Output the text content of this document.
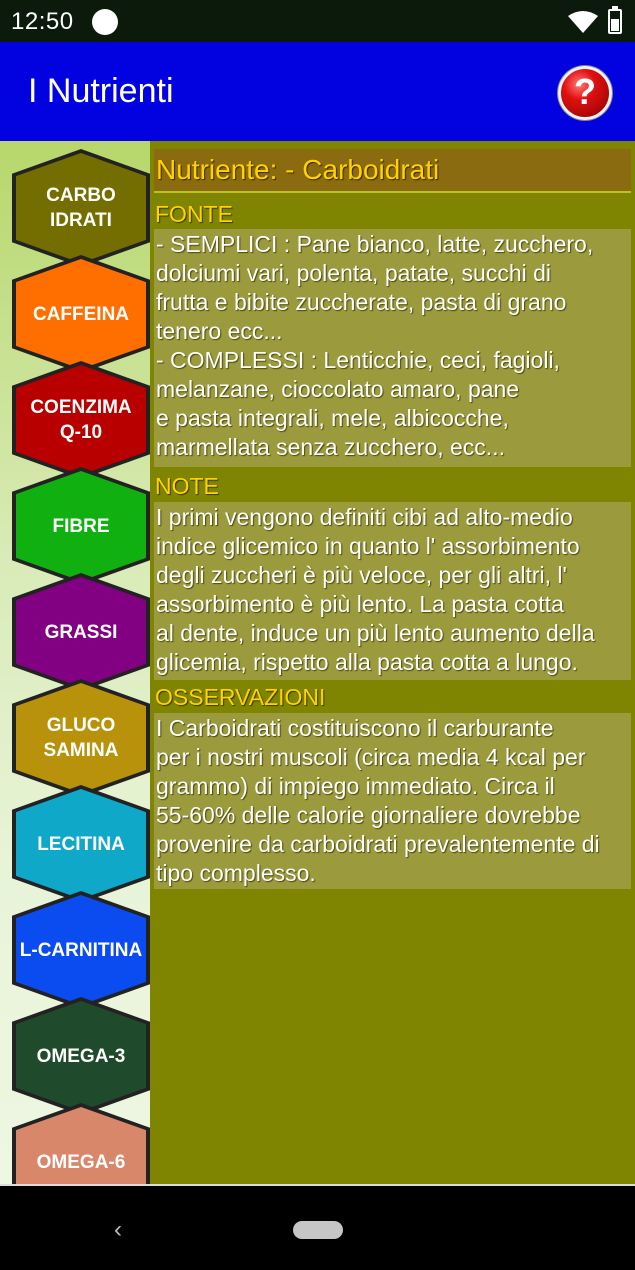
12:50
I Nutrienti	?
CARBO
IDRATI
CAFFEINA
COENZIMA
Q-10
FIBRE
GRASSI
GLUCO
SAMINA
LECITINA
L-CARNITINA
OMEGA-3
OMEGA-6
Nutriente: - Carboidrati
FONTE
- SEMPLICI : Pane bianco, latte, zucchero,
dolciumi vari, polenta, patate, succhi di
frutta e bibite zuccherate, pasta di grano
tenero ecc...
- COMPLESSI : Lenticchie, ceci, fagioli,
melanzane, cioccolato amaro, pane
e pasta integrali, mele, albicocche,
marmellata senza zucchero, ecc...
NOTE
I primi vengono definiti cibi ad alto-medio
indice glicemico in quanto l' assorbimento
degli zuccheri è più veloce, per gli altri, l'
assorbimento è più lento. La pasta cotta
al dente, induce un più lento aumento della
glicemia, rispetto alla pasta cotta a lungo.
OSSERVAZIONI
I Carboidrati costituiscono il carburante
per i nostri muscoli (circa media 4 kcal per
grammo) di impiego immediato. Circa il
55-60% delle calorie giornaliere dovrebbe
provenire da carboidrati prevalentemente di
tipo complesso.
‹
